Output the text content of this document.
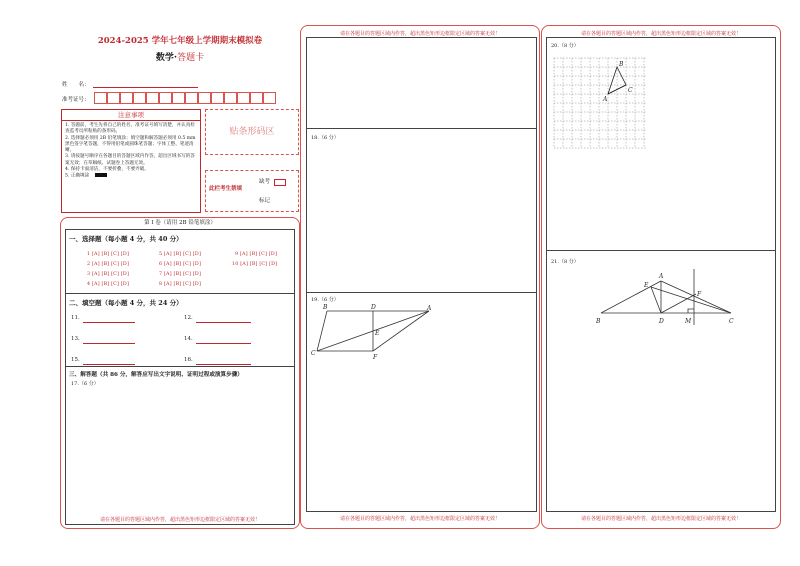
2024-2025 学年七年级上学期期末模拟卷
数学·答题卡
姓　　名：
准考证号：
注意事项
1. 答题前，考生先将自己的姓名，准考证号填写清楚，并认真检查监考员所粘贴的条形码。
2. 选择题必须用 2B 铅笔填涂；填空题和解答题必须用 0.5 mm 黑色签字笔答题，不得用铅笔或圆珠笔答题；字体工整、笔迹清晰。
3. 请按题号顺序在各题目的答题区域内作答，超出区域书写的答案无效；在草稿纸、试题卷上答题无效。
4. 保持卡面清洁，不要折叠、不要弄破。
5. 正确填涂
贴条形码区
此栏考生禁填
缺考
标记
第 I 卷（请用 2B 铅笔填涂）
一、选择题（每小题 4 分，共 40 分）
1 [A] [B] [C] [D]	5 [A] [B] [C] [D]	9 [A] [B] [C] [D]
2 [A] [B] [C] [D]	6 [A] [B] [C] [D]	10 [A] [B] [C] [D]
3 [A] [B] [C] [D]	7 [A] [B] [C] [D]
4 [A] [B] [C] [D]	8 [A] [B] [C] [D]
二、填空题（每小题 4 分，共 24 分）
11.	12.
13.	14.
15.	16.
三、解答题（共 86 分，解答应写出文字说明、证明过程或演算步骤）
17.（6 分）
请在各题目的答题区域内作答，超出黑色矩形边框限定区域的答案无效！
请在各题目的答题区域内作答，超出黑色矩形边框限定区域的答案无效！
请在各题目的答题区域内作答，超出黑色矩形边框限定区域的答案无效！
18.（6 分）
19.（6 分）
B	D	A
E
C
F
请在各题目的答题区域内作答，超出黑色矩形边框限定区域的答案无效！
请在各题目的答题区域内作答，超出黑色矩形边框限定区域的答案无效！
20.（8 分）
B
A
C
21.（8 分）
A
E
F
B	D	M	C
